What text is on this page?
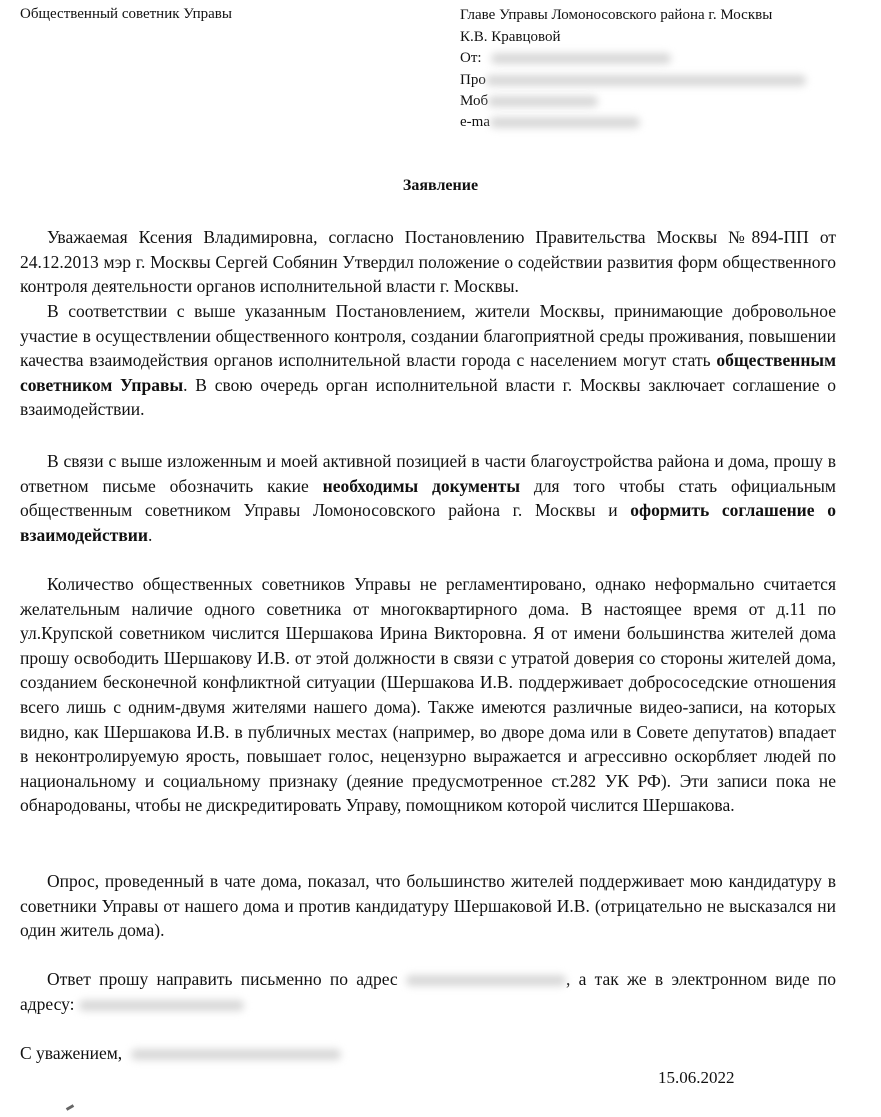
Общественный советник Управы	Главе Управы Ломоносовского района г. Москвы
К.В. Кравцовой
От:
Про
Моб
e-ma
Заявление

Уважаемая Ксения Владимировна, согласно Постановлению Правительства Москвы №894-ПП от 24.12.2013 мэр г. Москвы Сергей Собянин Утвердил положение о содействии развития форм общественного контроля деятельности органов исполнительной власти г. Москвы.

В соответствии с выше указанным Постановлением, жители Москвы, принимающие добровольное участие в осуществлении общественного контроля, создании благоприятной среды проживания, повышении качества взаимодействия органов исполнительной власти города с населением могут стать общественным советником Управы. В свою очередь орган исполнительной власти г. Москвы заключает соглашение о взаимодействии.

В связи с выше изложенным и моей активной позицией в части благоустройства района и дома, прошу в ответном письме обозначить какие необходимы документы для того чтобы стать официальным общественным советником Управы Ломоносовского района г. Москвы и оформить соглашение о взаимодействии.

Количество общественных советников Управы не регламентировано, однако неформально считается желательным наличие одного советника от многоквартирного дома. В настоящее время от д.11 по ул.Крупской советником числится Шершакова Ирина Викторовна. Я от имени большинства жителей дома прошу освободить Шершакову И.В. от этой должности в связи с утратой доверия со стороны жителей дома, созданием бесконечной конфликтной ситуации (Шершакова И.В. поддерживает добрососедские отношения всего лишь с одним-двумя жителями нашего дома). Также имеются различные видео-записи, на которых видно, как Шершакова И.В. в публичных местах (например, во дворе дома или в Совете депутатов) впадает в неконтролируемую ярость, повышает голос, нецензурно выражается и агрессивно оскорбляет людей по национальному и социальному признаку (деяние предусмотренное ст.282 УК РФ). Эти записи пока не обнародованы, чтобы не дискредитировать Управу, помощником которой числится Шершакова.

Опрос, проведенный в чате дома, показал, что большинство жителей поддерживает мою кандидатуру в советники Управы от нашего дома и против кандидатуру Шершаковой И.В. (отрицательно не высказался ни один житель дома).

Ответ прошу направить письменно по адрес	, а так же в электронном виде по адресу:

С уважением,
15.06.2022
